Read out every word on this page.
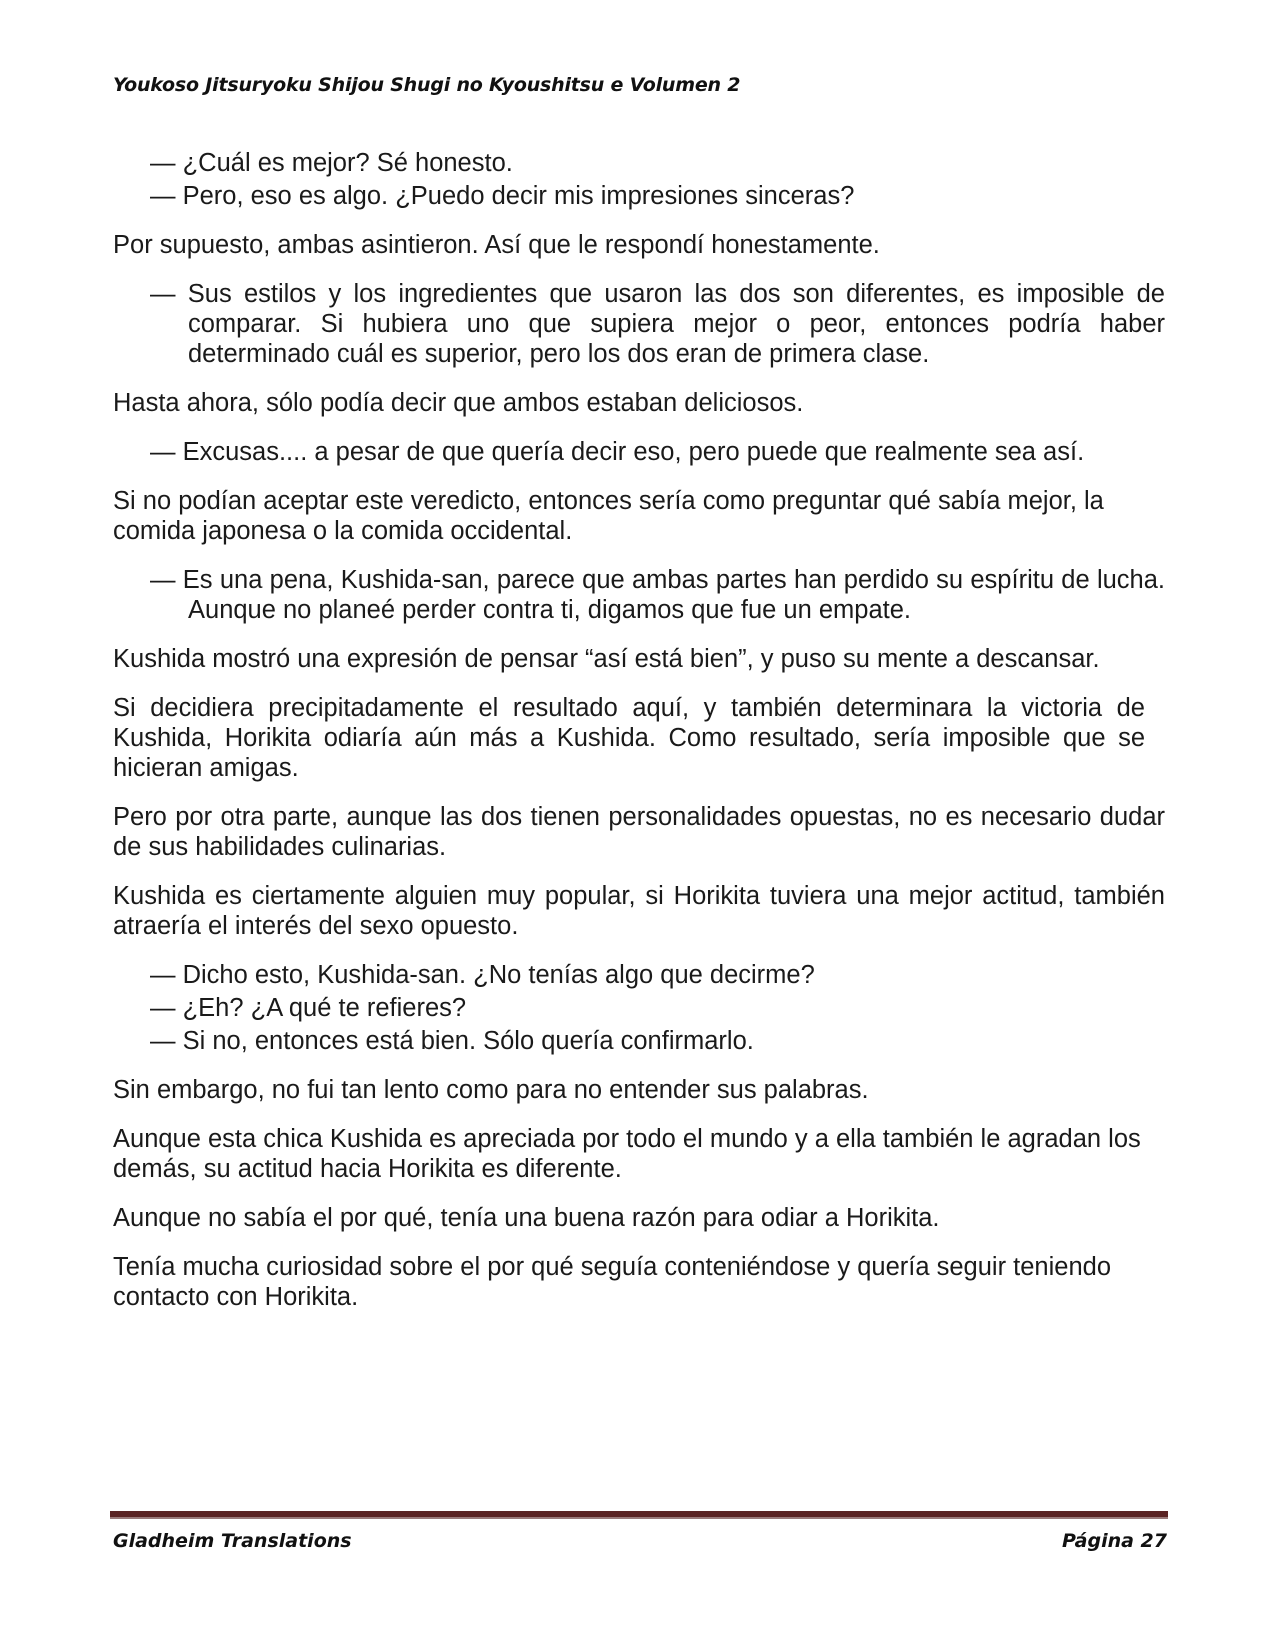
Youkoso Jitsuryoku Shijou Shugi no Kyoushitsu e Volumen 2

— ¿Cuál es mejor? Sé honesto.

— Pero, eso es algo. ¿Puedo decir mis impresiones sinceras?

Por supuesto, ambas asintieron. Así que le respondí honestamente.

— Sus estilos y los ingredientes que usaron las dos son diferentes, es imposible de comparar. Si hubiera uno que supiera mejor o peor, entonces podría haber determinado cuál es superior, pero los dos eran de primera clase.

Hasta ahora, sólo podía decir que ambos estaban deliciosos.

— Excusas.... a pesar de que quería decir eso, pero puede que realmente sea así.

Si no podían aceptar este veredicto, entonces sería como preguntar qué sabía mejor, la comida japonesa o la comida occidental.

— Es una pena, Kushida-san, parece que ambas partes han perdido su espíritu de lucha. Aunque no planeé perder contra ti, digamos que fue un empate.

Kushida mostró una expresión de pensar “así está bien”, y puso su mente a descansar.

Si decidiera precipitadamente el resultado aquí, y también determinara la victoria de Kushida, Horikita odiaría aún más a Kushida. Como resultado, sería imposible que se hicieran amigas.

Pero por otra parte, aunque las dos tienen personalidades opuestas, no es necesario dudar de sus habilidades culinarias.

Kushida es ciertamente alguien muy popular, si Horikita tuviera una mejor actitud, también atraería el interés del sexo opuesto.

— Dicho esto, Kushida-san. ¿No tenías algo que decirme?

— ¿Eh? ¿A qué te refieres?

— Si no, entonces está bien. Sólo quería confirmarlo.

Sin embargo, no fui tan lento como para no entender sus palabras.

Aunque esta chica Kushida es apreciada por todo el mundo y a ella también le agradan los demás, su actitud hacia Horikita es diferente.

Aunque no sabía el por qué, tenía una buena razón para odiar a Horikita.

Tenía mucha curiosidad sobre el por qué seguía conteniéndose y quería seguir teniendo contacto con Horikita.

Gladheim Translations	Página 27
